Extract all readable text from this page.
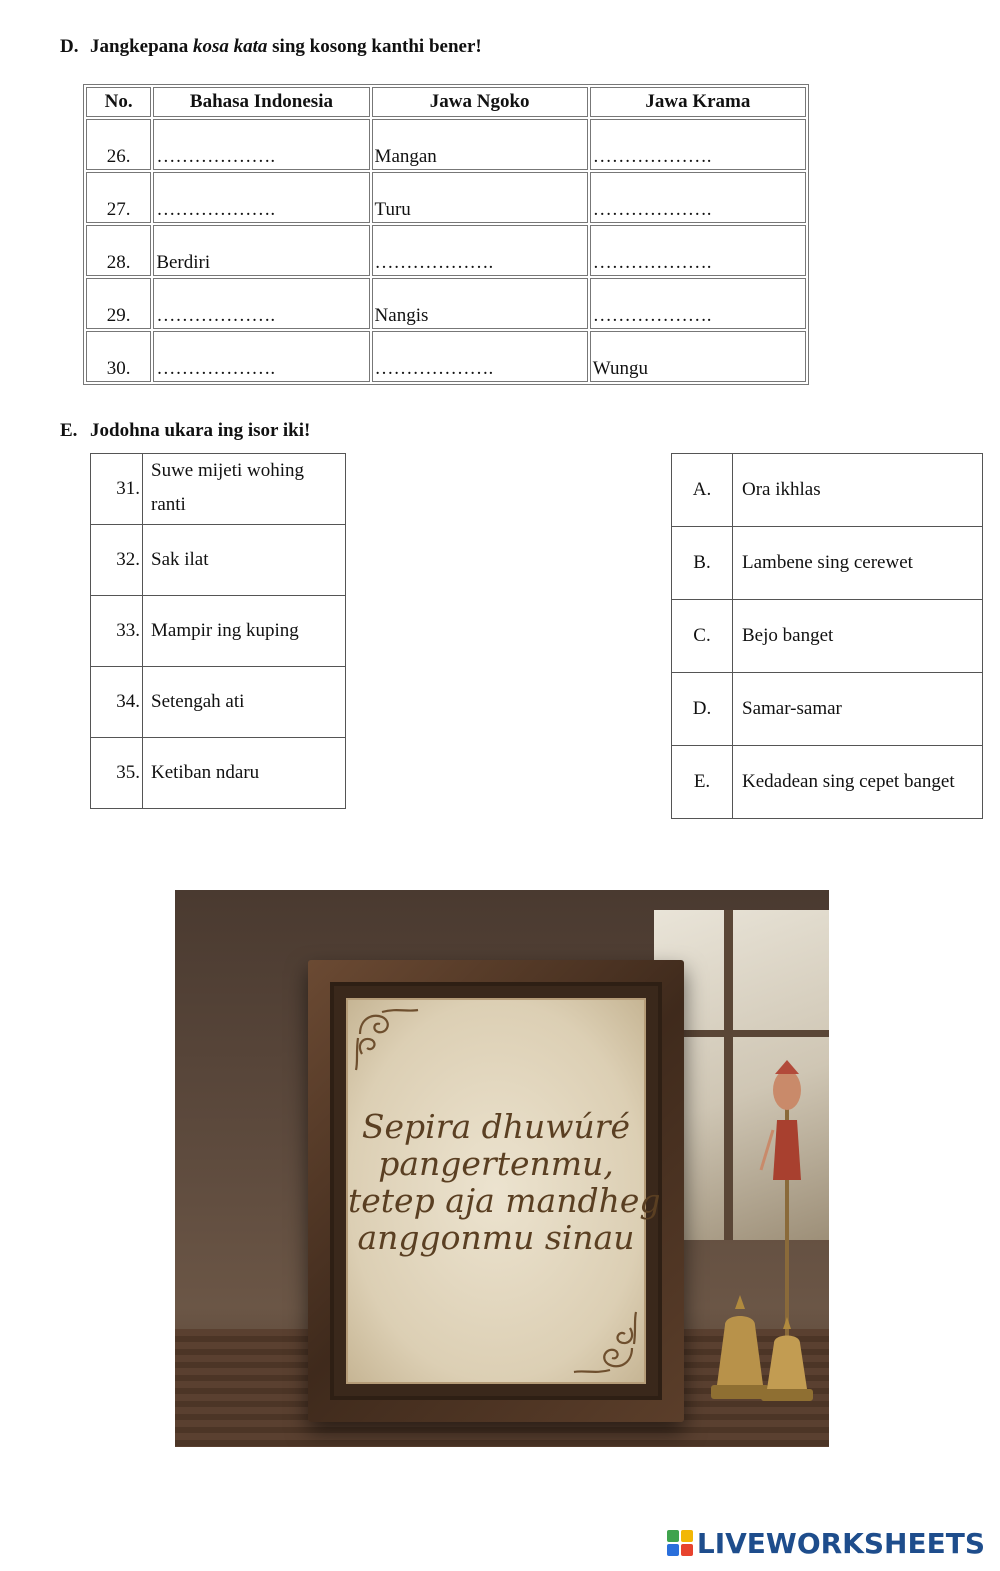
D. Jangkepana kosa kata sing kosong kanthi bener!
No.	Bahasa Indonesia	Jawa Ngoko	Jawa Krama
26.	……………….	Mangan	……………….
27.	……………….	Turu	……………….
28.	Berdiri	……………….	……………….
29.	……………….	Nangis	……………….
30.	……………….	……………….	Wungu
E. Jodohna ukara ing isor iki!
31.	Suwe mijeti wohing ranti
32.	Sak ilat
33.	Mampir ing kuping
34.	Setengah ati
35.	Ketiban ndaru
A.	Ora ikhlas
B.	Lambene sing cerewet
C.	Bejo banget
D.	Samar-samar
E.	Kedadean sing cepet banget
Sepira dhuwúré
pangertenmu,
tetep aja mandheg
anggonmu sinau
LIVEWORKSHEETS
